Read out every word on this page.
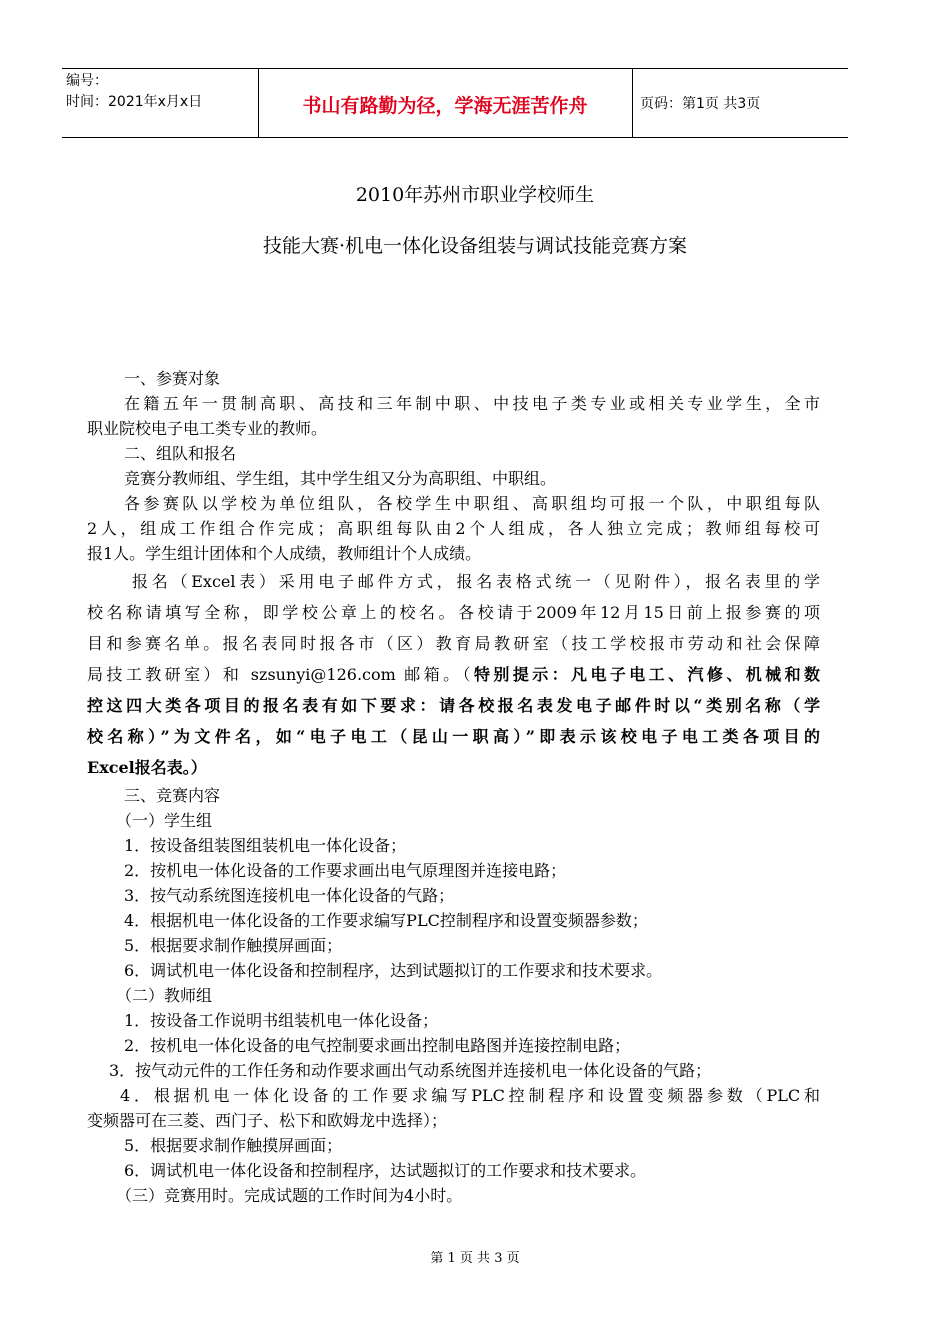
编号：
时间：2021年x月x日	书山有路勤为径，学海无涯苦作舟	页码：第1页 共3页
2010年苏州市职业学校师生
技能大赛·机电一体化设备组装与调试技能竞赛方案
一、参赛对象
在籍五年一贯制高职、高技和三年制中职、中技电子类专业或相关专业学生，全市
职业院校电子电工类专业的教师。
二、组队和报名
竞赛分教师组、学生组，其中学生组又分为高职组、中职组。
各参赛队以学校为单位组队，各校学生中职组、高职组均可报一个队，中职组每队
2人，组成工作组合作完成；高职组每队由2个人组成，各人独立完成；教师组每校可
报1人。学生组计团体和个人成绩，教师组计个人成绩。
报名（Excel表）采用电子邮件方式，报名表格式统一（见附件），报名表里的学
校名称请填写全称，即学校公章上的校名。各校请于2009年12月15日前上报参赛的项
目和参赛名单。报名表同时报各市（区）教育局教研室（技工学校报市劳动和社会保障
局技工教研室）和 szsunyi@126.com 邮箱。（特别提示：凡电子电工、汽修、机械和数
控这四大类各项目的报名表有如下要求：请各校报名表发电子邮件时以“类别名称（学
校名称）”为文件名，如“电子电工（昆山一职高）”即表示该校电子电工类各项目的
Excel报名表。）
三、竞赛内容
（一）学生组
1．按设备组装图组装机电一体化设备；
2．按机电一体化设备的工作要求画出电气原理图并连接电路；
3．按气动系统图连接机电一体化设备的气路；
4．根据机电一体化设备的工作要求编写PLC控制程序和设置变频器参数；
5．根据要求制作触摸屏画面；
6．调试机电一体化设备和控制程序，达到试题拟订的工作要求和技术要求。
（二）教师组
1．按设备工作说明书组装机电一体化设备；
2．按机电一体化设备的电气控制要求画出控制电路图并连接控制电路；
3．按气动元件的工作任务和动作要求画出气动系统图并连接机电一体化设备的气路；
4．根据机电一体化设备的工作要求编写PLC控制程序和设置变频器参数（PLC和
变频器可在三菱、西门子、松下和欧姆龙中选择）；
5．根据要求制作触摸屏画面；
6．调试机电一体化设备和控制程序，达试题拟订的工作要求和技术要求。
（三）竞赛用时。完成试题的工作时间为4小时。
第 1 页 共 3 页
